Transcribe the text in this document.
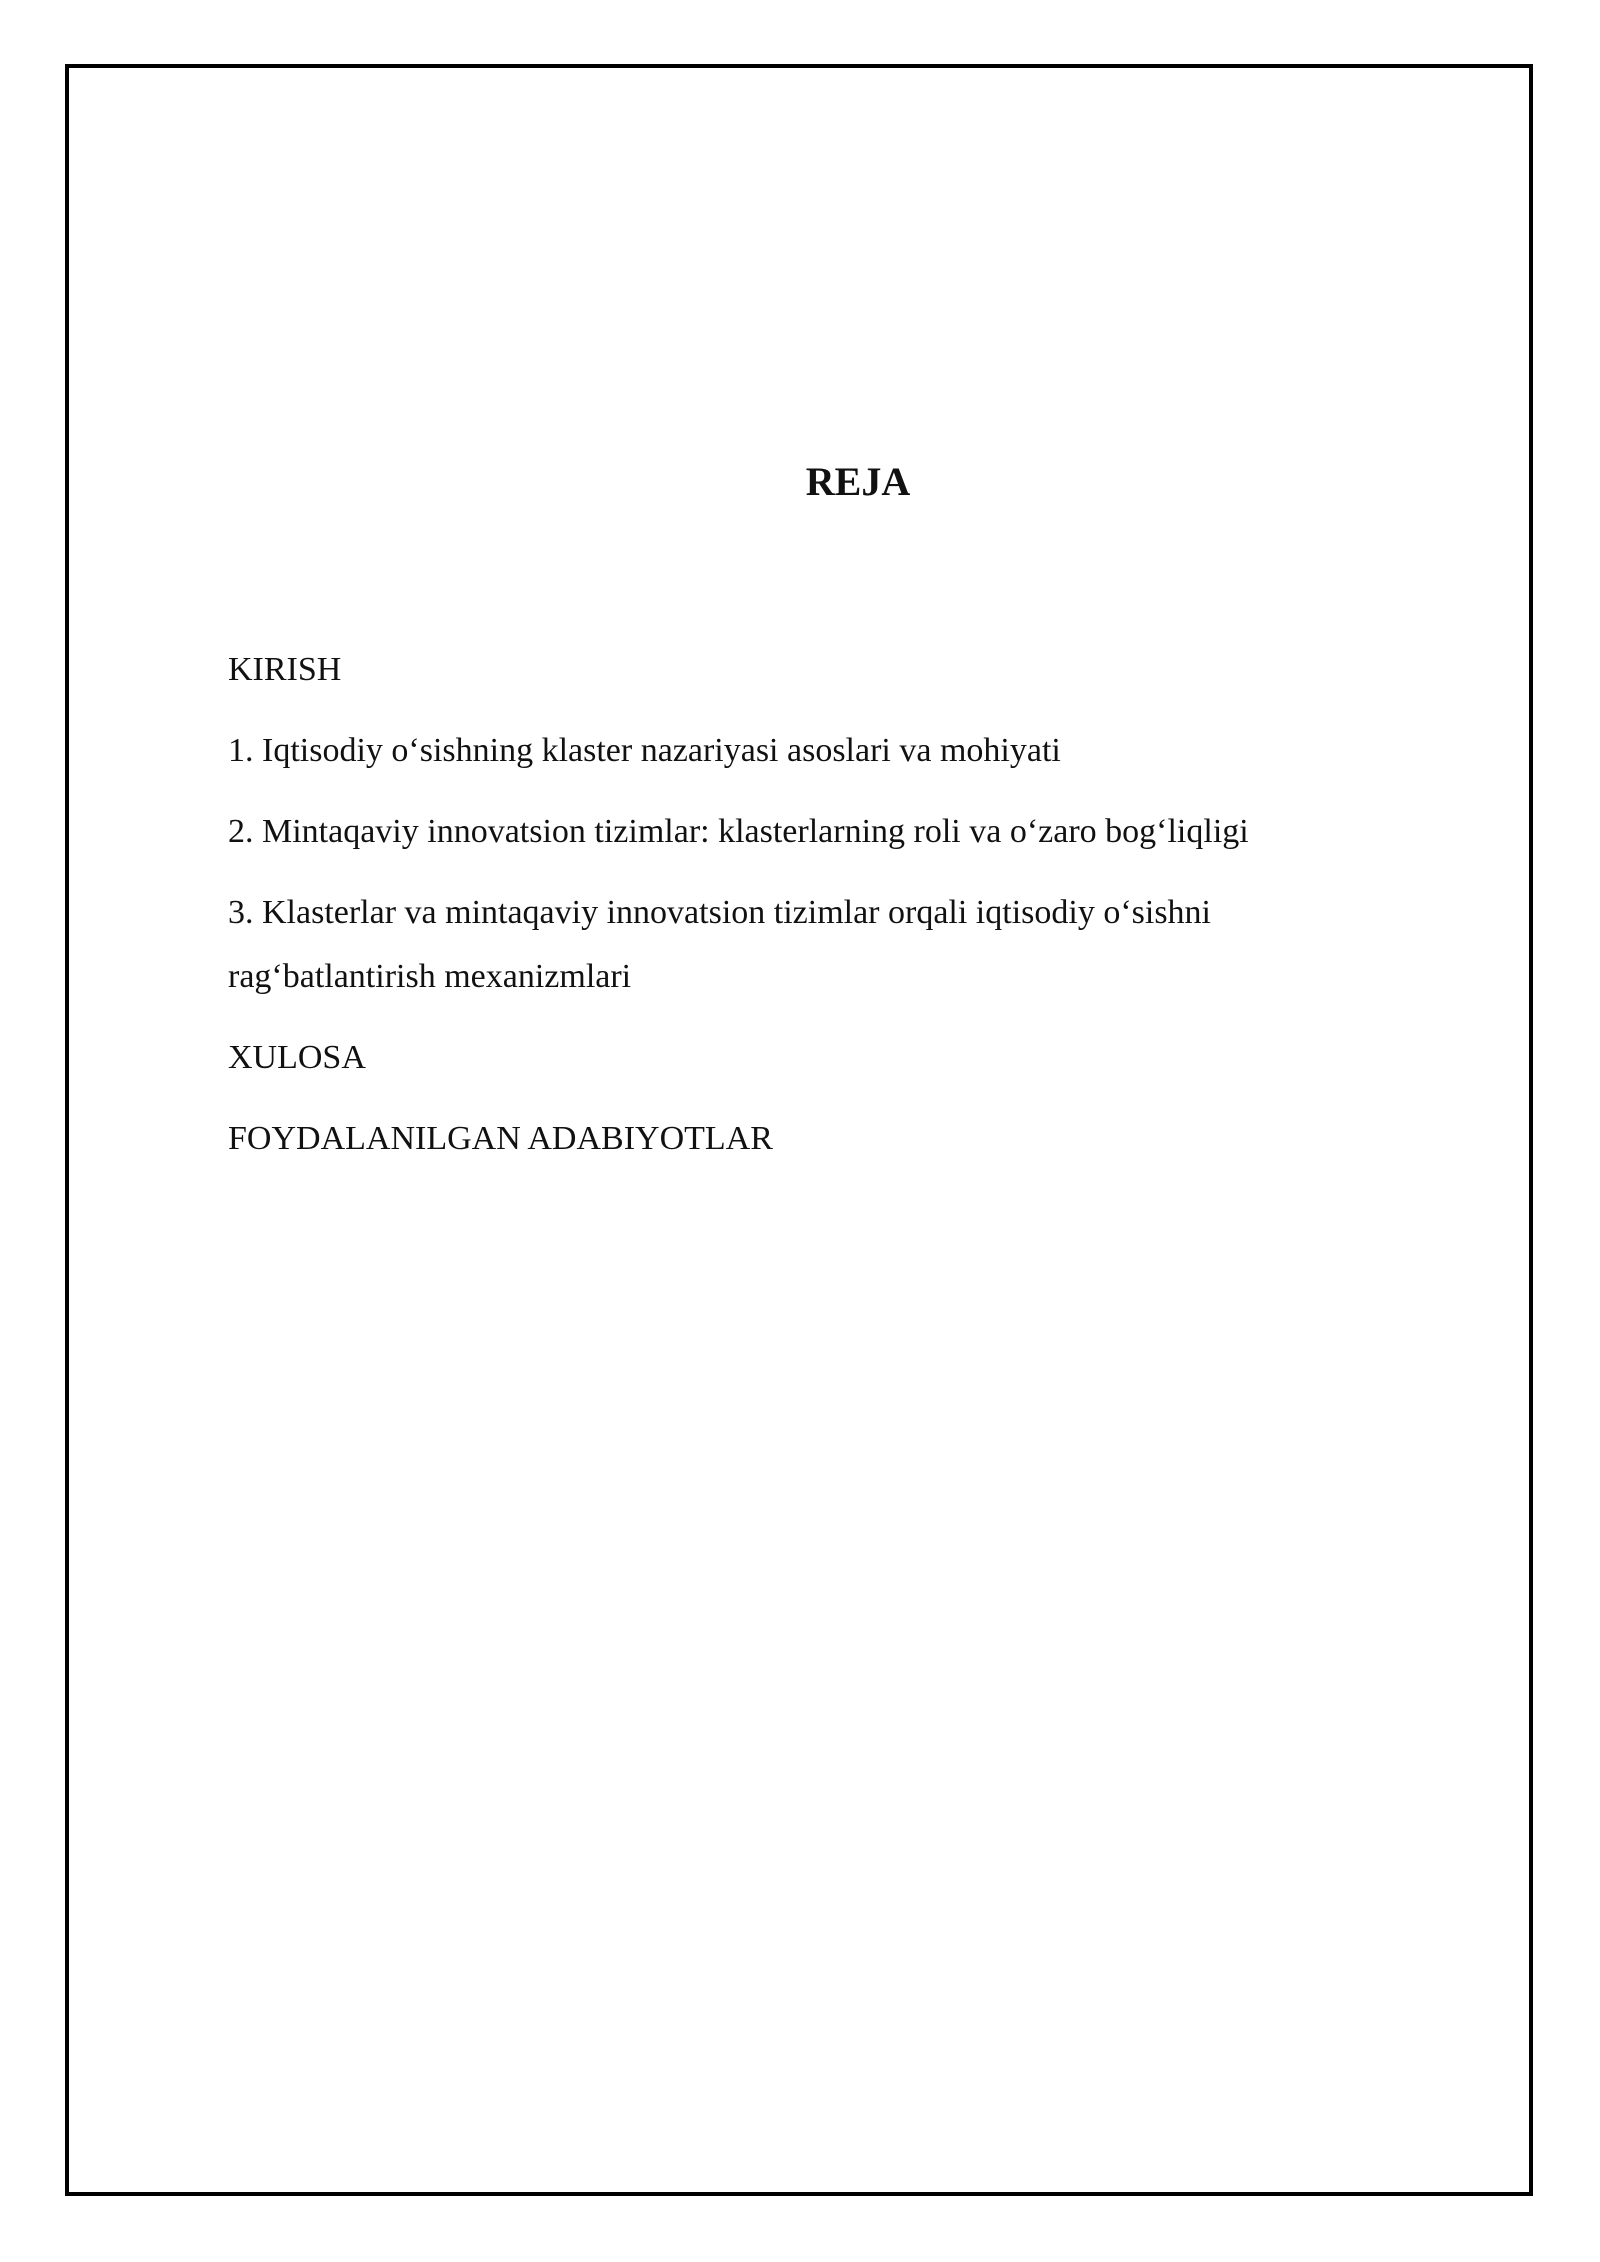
REJA
KIRISH
1. Iqtisodiy o‘sishning klaster nazariyasi asoslari va mohiyati
2. Mintaqaviy innovatsion tizimlar: klasterlarning roli va o‘zaro bog‘liqligi
3. Klasterlar va mintaqaviy innovatsion tizimlar orqali iqtisodiy o‘sishni rag‘batlantirish mexanizmlari
XULOSA
FOYDALANILGAN ADABIYOTLAR
